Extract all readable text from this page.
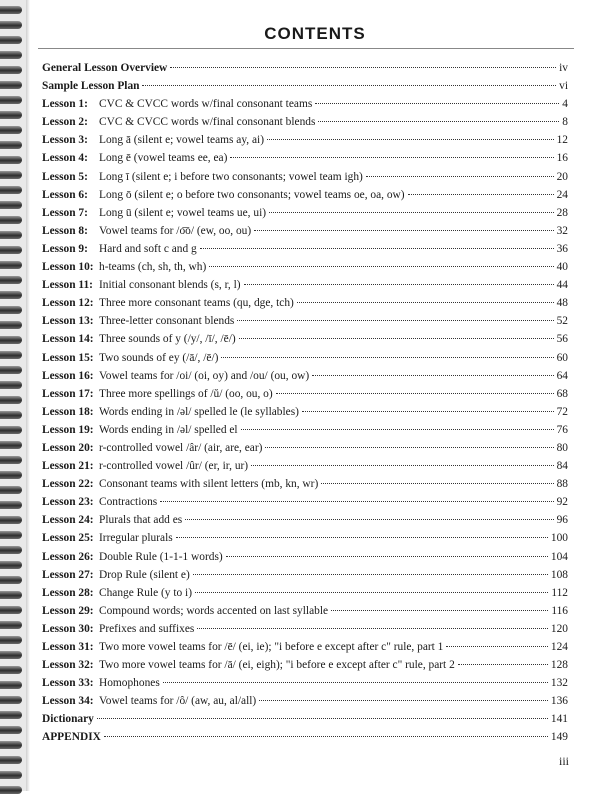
CONTENTS
General Lesson Overview	iv
Sample Lesson Plan	vi
Lesson 1: CVC & CVCC words w/final consonant teams	4
Lesson 2: CVC & CVCC words w/final consonant blends	8
Lesson 3: Long ā (silent e; vowel teams ay, ai)	12
Lesson 4: Long ē (vowel teams ee, ea)	16
Lesson 5: Long ī (silent e; i before two consonants; vowel team igh)	20
Lesson 6: Long ō (silent e; o before two consonants; vowel teams oe, oa, ow)	24
Lesson 7: Long ū (silent e; vowel teams ue, ui)	28
Lesson 8: Vowel teams for /o͞o/ (ew, oo, ou)	32
Lesson 9: Hard and soft c and g	36
Lesson 10: h-teams (ch, sh, th, wh)	40
Lesson 11: Initial consonant blends (s, r, l)	44
Lesson 12: Three more consonant teams (qu, dge, tch)	48
Lesson 13: Three-letter consonant blends	52
Lesson 14: Three sounds of y (/y/, /ī/, /ē/)	56
Lesson 15: Two sounds of ey (/ā/, /ē/)	60
Lesson 16: Vowel teams for /oi/ (oi, oy) and /ou/ (ou, ow)	64
Lesson 17: Three more spellings of /ŭ/ (oo, ou, o)	68
Lesson 18: Words ending in /əl/ spelled le (le syllables)	72
Lesson 19: Words ending in /əl/ spelled el	76
Lesson 20: r-controlled vowel /âr/ (air, are, ear)	80
Lesson 21: r-controlled vowel /ûr/ (er, ir, ur)	84
Lesson 22: Consonant teams with silent letters (mb, kn, wr)	88
Lesson 23: Contractions	92
Lesson 24: Plurals that add es	96
Lesson 25: Irregular plurals	100
Lesson 26: Double Rule (1-1-1 words)	104
Lesson 27: Drop Rule (silent e)	108
Lesson 28: Change Rule (y to i)	112
Lesson 29: Compound words; words accented on last syllable	116
Lesson 30: Prefixes and suffixes	120
Lesson 31: Two more vowel teams for /ē/ (ei, ie); "i before e except after c" rule, part 1	124
Lesson 32: Two more vowel teams for /ā/ (ei, eigh); "i before e except after c" rule, part 2	128
Lesson 33: Homophones	132
Lesson 34: Vowel teams for /ô/ (aw, au, al/all)	136
Dictionary	141
APPENDIX	149
iii
